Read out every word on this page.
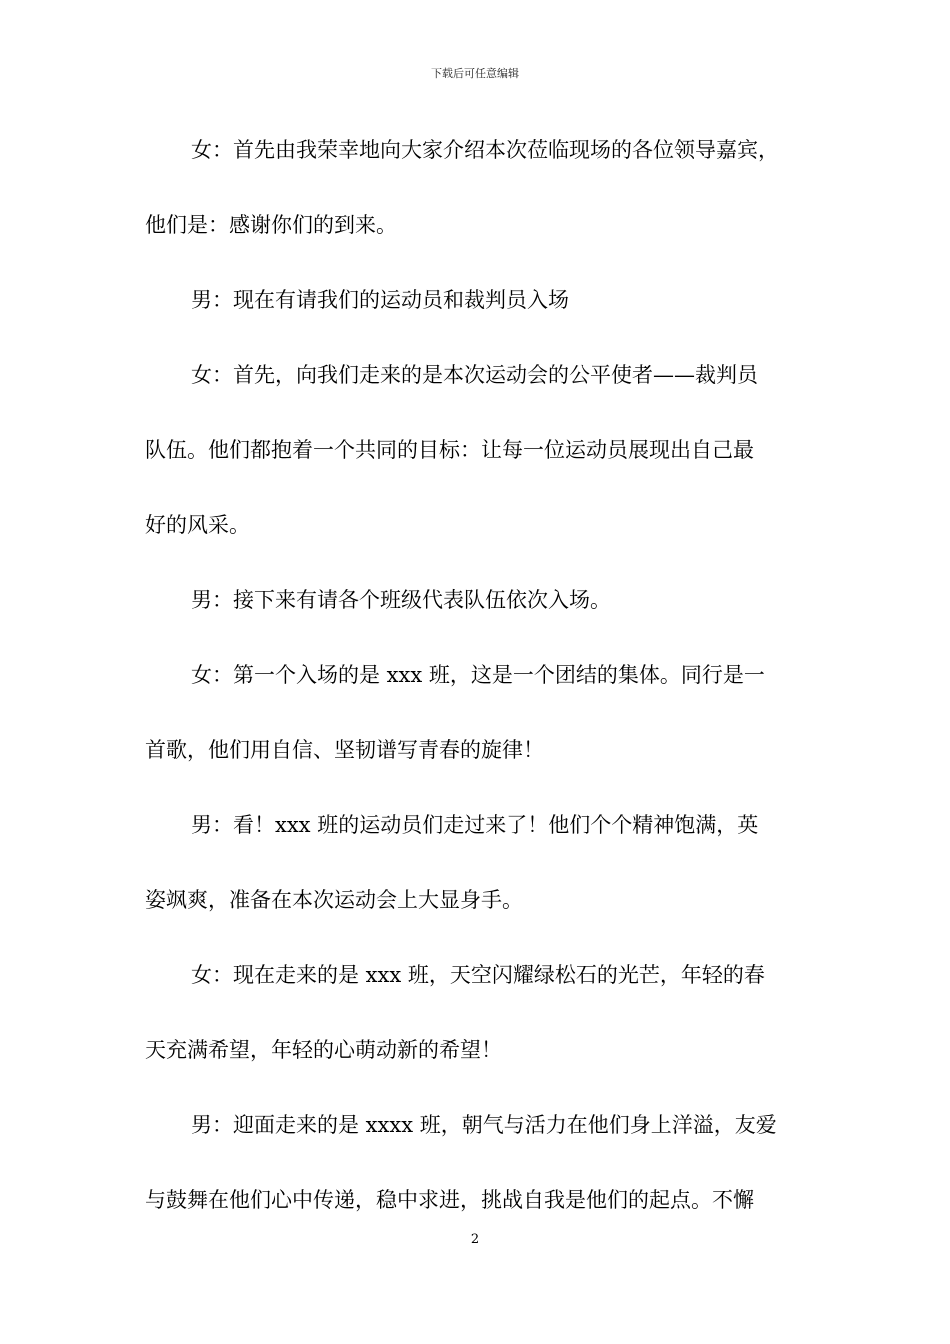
下载后可任意编辑
女：首先由我荣幸地向大家介绍本次莅临现场的各位领导嘉宾，
他们是：感谢你们的到来。
男：现在有请我们的运动员和裁判员入场
女：首先，向我们走来的是本次运动会的公平使者——裁判员
队伍。他们都抱着一个共同的目标：让每一位运动员展现出自己最
好的风采。
男：接下来有请各个班级代表队伍依次入场。
女：第一个入场的是 xxx 班，这是一个团结的集体。同行是一
首歌，他们用自信、坚韧谱写青春的旋律！
男：看！xxx 班的运动员们走过来了！他们个个精神饱满，英
姿飒爽，准备在本次运动会上大显身手。
女：现在走来的是 xxx 班，天空闪耀绿松石的光芒，年轻的春
天充满希望，年轻的心萌动新的希望！
男：迎面走来的是 xxxx 班，朝气与活力在他们身上洋溢，友爱
与鼓舞在他们心中传递，稳中求进，挑战自我是他们的起点。不懈
2
